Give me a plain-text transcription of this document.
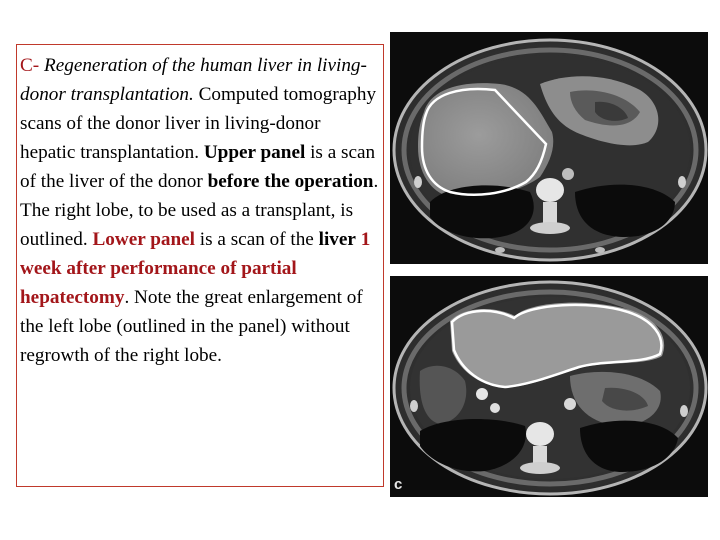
C- Regeneration of the human liver in living-donor transplantation. Computed tomography scans of the donor liver in living-donor hepatic transplantation. Upper panel is a scan of the liver of the donor before the operation. The right lobe, to be used as a transplant, is outlined. Lower panel is a scan of the liver 1 week after performance of partial hepatectomy. Note the great enlargement of the left lobe (outlined in the panel) without regrowth of the right lobe.

c
